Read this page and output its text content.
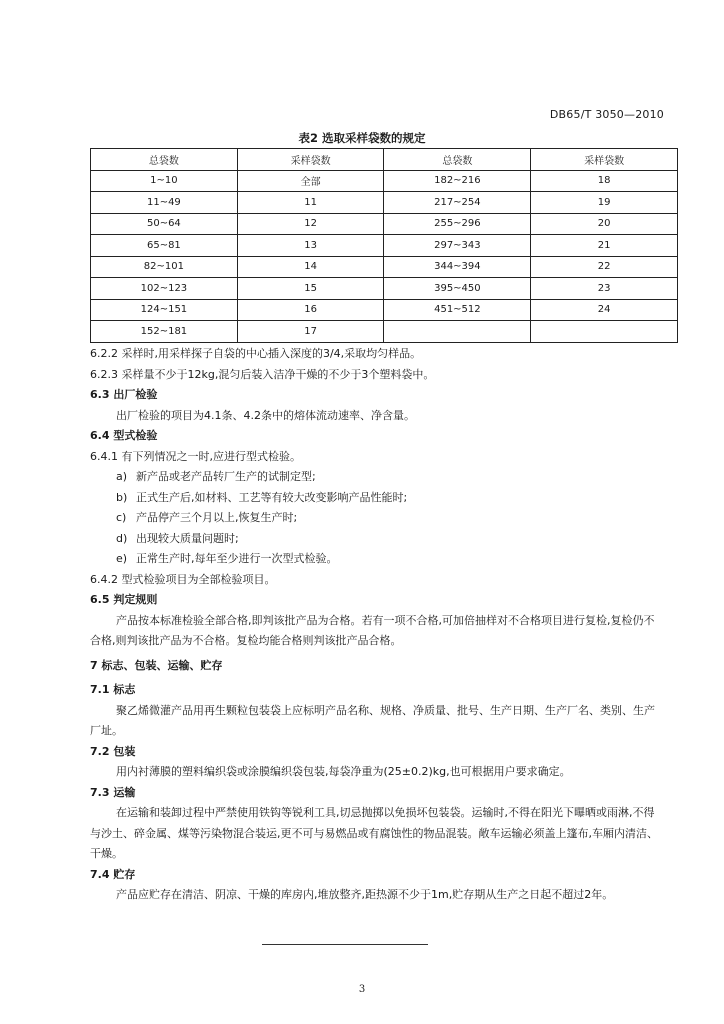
DB65/T 3050—2010
表2 选取采样袋数的规定
总袋数	采样袋数	总袋数	采样袋数
1~10	全部	182~216	18
11~49	11	217~254	19
50~64	12	255~296	20
65~81	13	297~343	21
82~101	14	344~394	22
102~123	15	395~450	23
124~151	16	451~512	24
152~181	17		
6.2.2 采样时,用采样探子自袋的中心插入深度的3/4,采取均匀样品。
6.2.3 采样量不少于12kg,混匀后装入洁净干燥的不少于3个塑料袋中。
6.3 出厂检验
出厂检验的项目为4.1条、4.2条中的熔体流动速率、净含量。
6.4 型式检验
6.4.1 有下列情况之一时,应进行型式检验。
a) 新产品或老产品转厂生产的试制定型;
b) 正式生产后,如材料、工艺等有较大改变影响产品性能时;
c) 产品停产三个月以上,恢复生产时;
d) 出现较大质量问题时;
e) 正常生产时,每年至少进行一次型式检验。
6.4.2 型式检验项目为全部检验项目。
6.5 判定规则
产品按本标准检验全部合格,即判该批产品为合格。若有一项不合格,可加倍抽样对不合格项目进行复检,复检仍不合格,则判该批产品为不合格。复检均能合格则判该批产品合格。
7 标志、包装、运输、贮存
7.1 标志
聚乙烯微灌产品用再生颗粒包装袋上应标明产品名称、规格、净质量、批号、生产日期、生产厂名、类别、生产厂址。
7.2 包装
用内衬薄膜的塑料编织袋或涂膜编织袋包装,每袋净重为(25±0.2)kg,也可根据用户要求确定。
7.3 运输
在运输和装卸过程中严禁使用铁钩等锐利工具,切忌抛掷以免损坏包装袋。运输时,不得在阳光下曝晒或雨淋,不得与沙土、碎金属、煤等污染物混合装运,更不可与易燃品或有腐蚀性的物品混装。敞车运输必须盖上篷布,车厢内清洁、干燥。
7.4 贮存
产品应贮存在清洁、阴凉、干燥的库房内,堆放整齐,距热源不少于1m,贮存期从生产之日起不超过2年。
3
